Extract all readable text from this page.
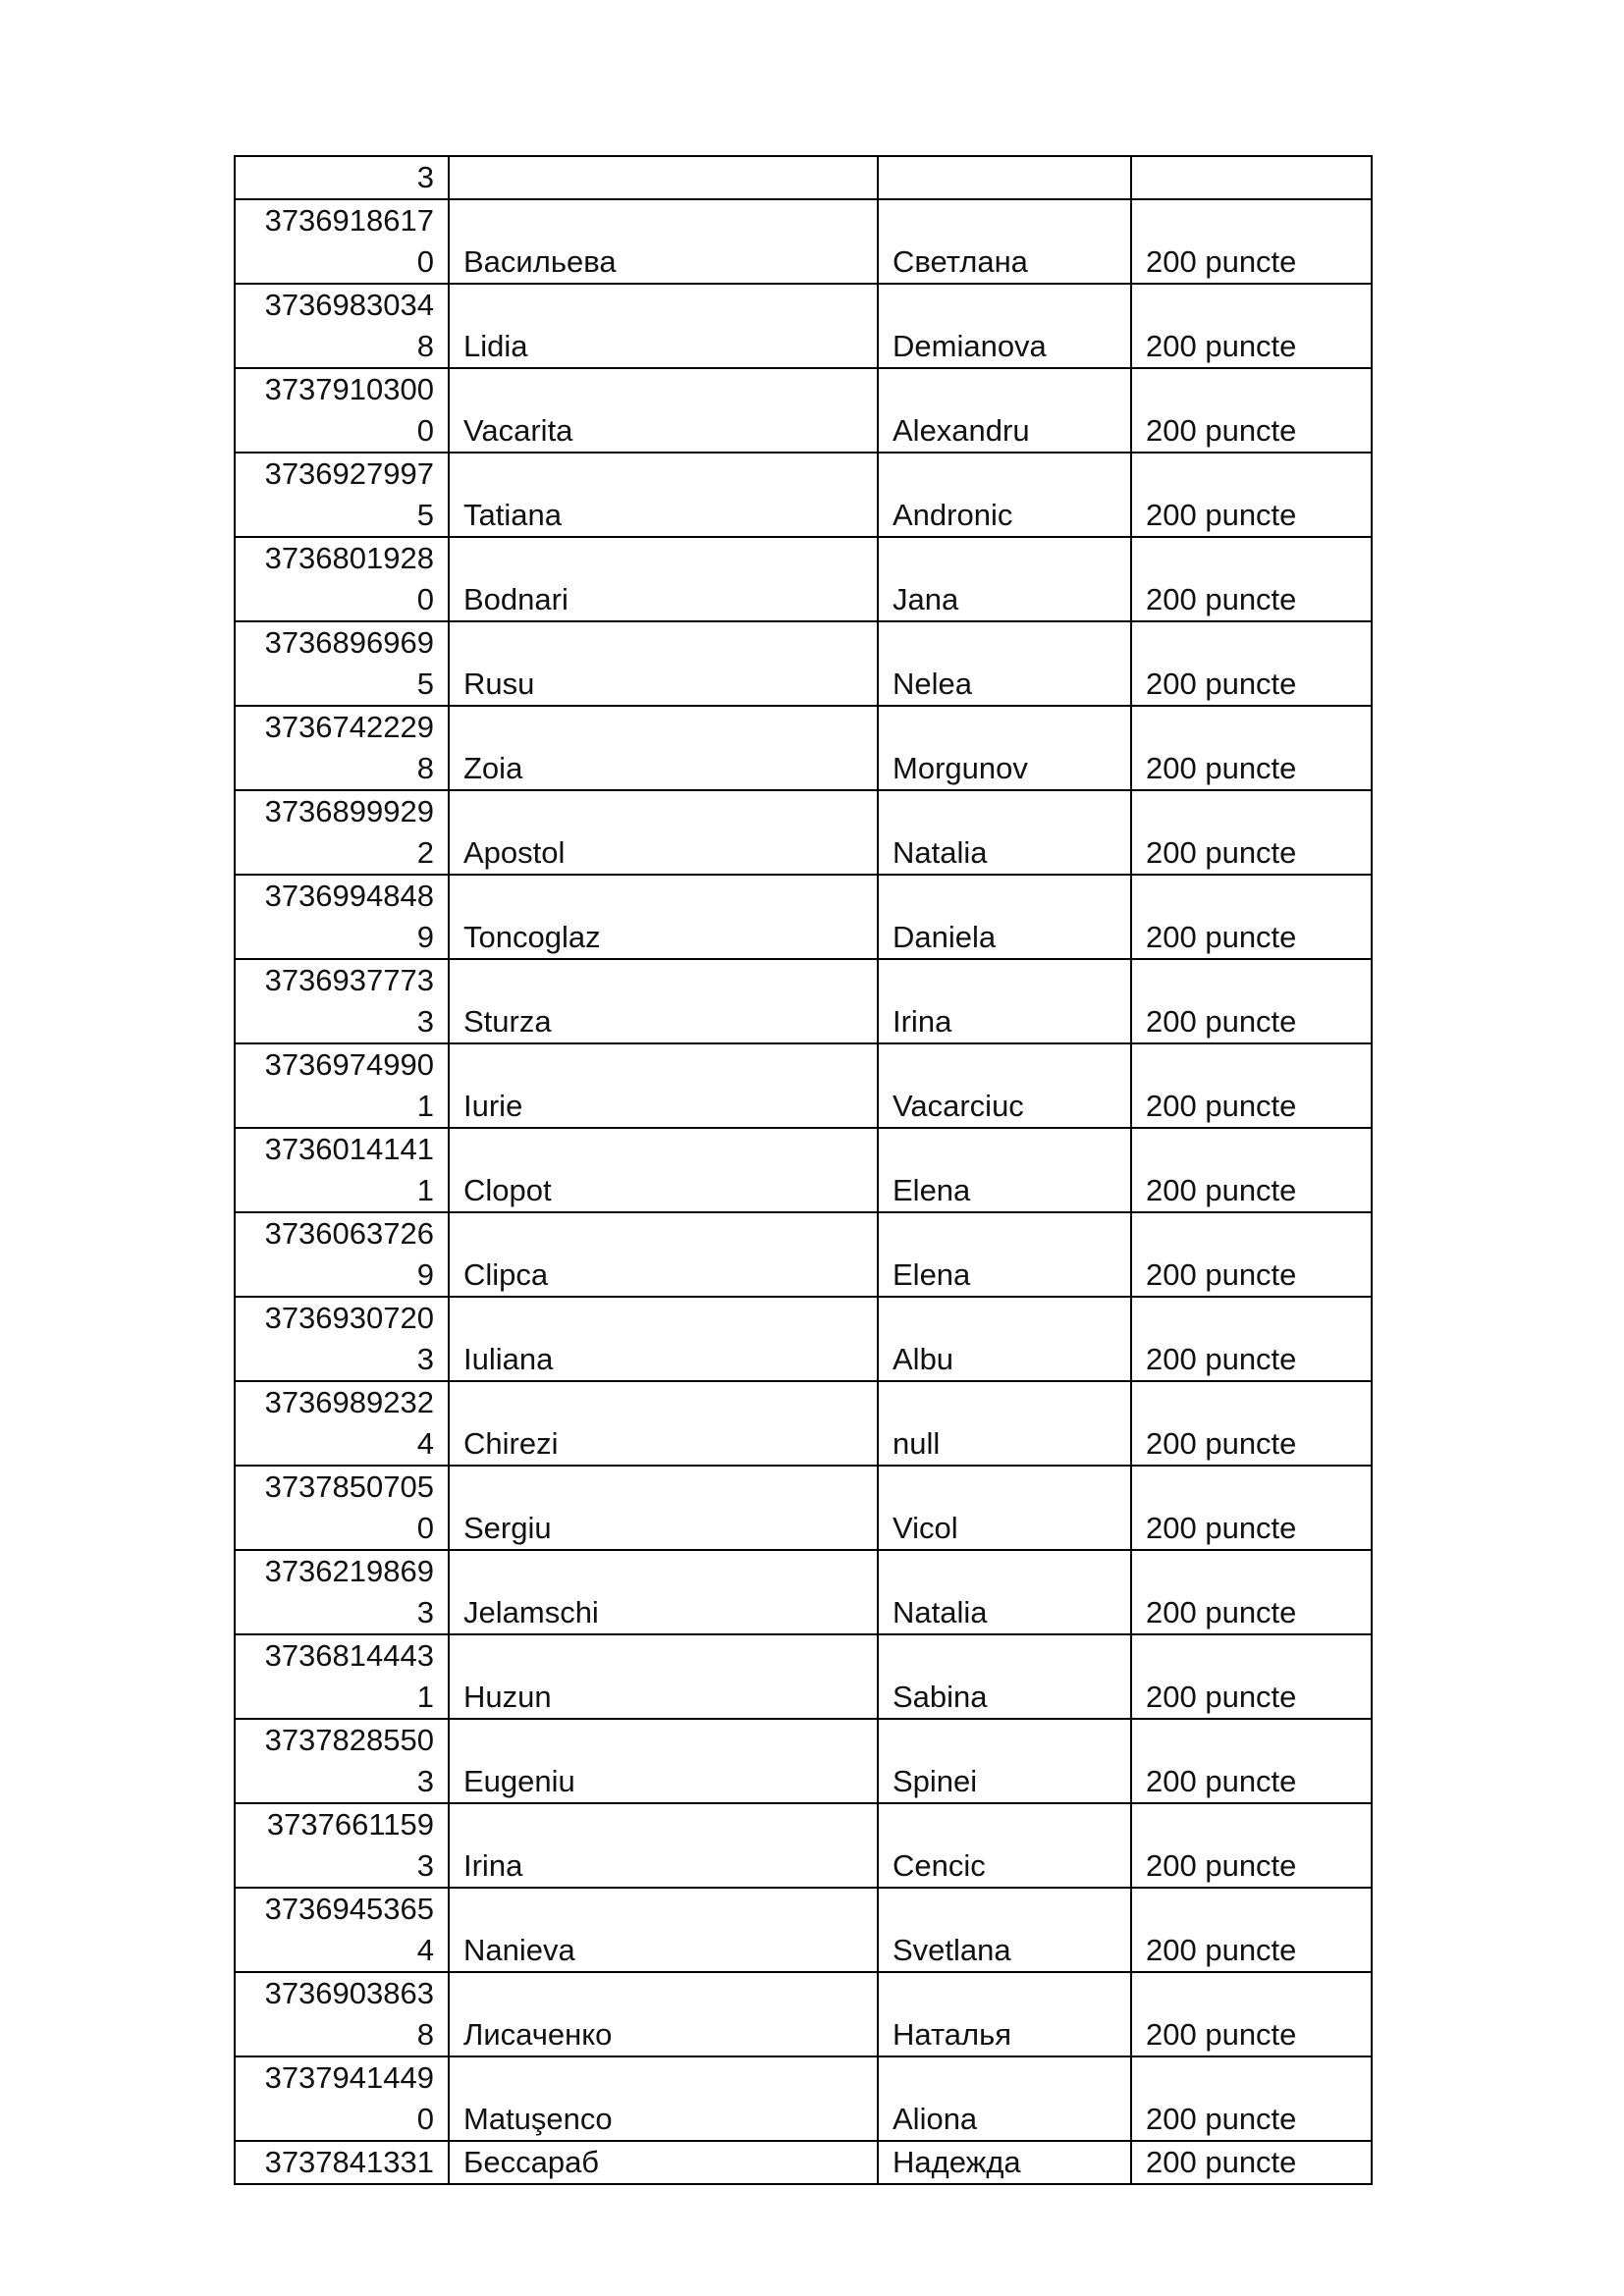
3			

3736918617
0	Васильева	Светлана	200 puncte

3736983034
8	Lidia	Demianova	200 puncte

3737910300
0	Vacarita	Alexandru	200 puncte

3736927997
5	Tatiana	Andronic	200 puncte

3736801928
0	Bodnari	Jana	200 puncte

3736896969
5	Rusu	Nelea	200 puncte

3736742229
8	Zoia	Morgunov	200 puncte

3736899929
2	Apostol	Natalia	200 puncte

3736994848
9	Toncoglaz	Daniela	200 puncte

3736937773
3	Sturza	Irina	200 puncte

3736974990
1	Iurie	Vacarciuc	200 puncte

3736014141
1	Clopot	Elena	200 puncte

3736063726
9	Clipca	Elena	200 puncte

3736930720
3	Iuliana	Albu	200 puncte

3736989232
4	Chirezi	null	200 puncte

3737850705
0	Sergiu	Vicol	200 puncte

3736219869
3	Jelamschi	Natalia	200 puncte

3736814443
1	Huzun	Sabina	200 puncte

3737828550
3	Eugeniu	Spinei	200 puncte

3737661159
3	Irina	Cencic	200 puncte

3736945365
4	Nanieva	Svetlana	200 puncte

3736903863
8	Лисаченко	Наталья	200 puncte

3737941449
0	Matuşenco	Aliona	200 puncte

3737841331	Бессараб	Надежда	200 puncte
